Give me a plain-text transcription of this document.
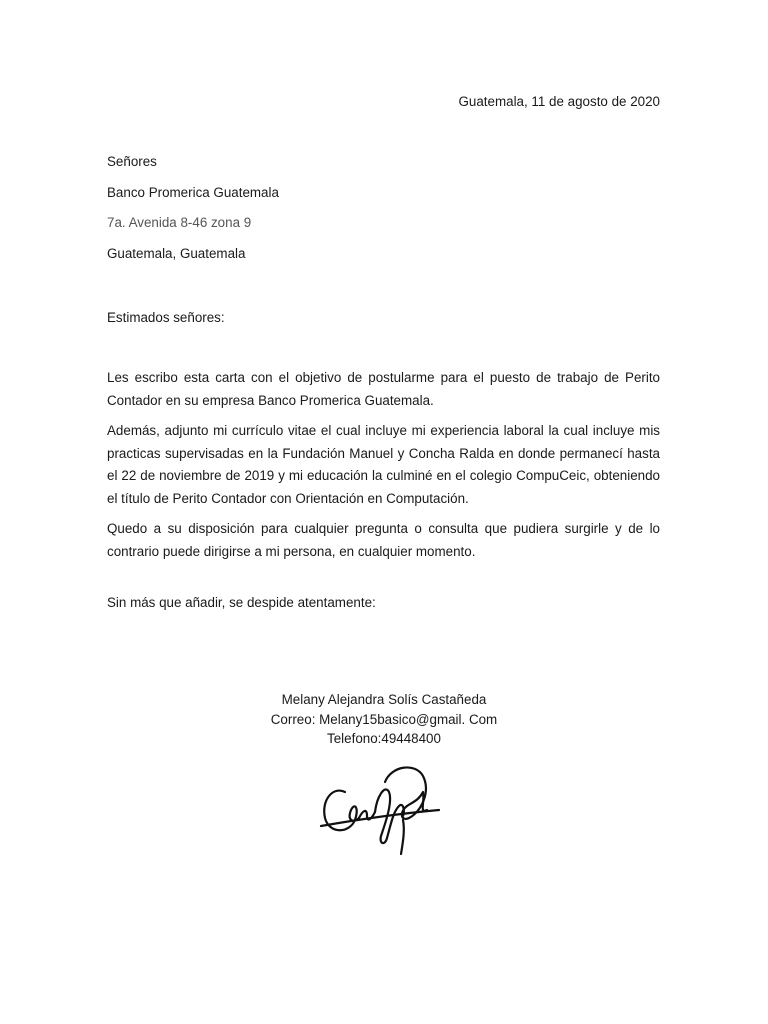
Guatemala, 11 de agosto de 2020
Señores
Banco Promerica Guatemala
7a. Avenida 8-46 zona 9
Guatemala, Guatemala
Estimados señores:

Les escribo esta carta con el objetivo de postularme para el puesto de trabajo de Perito Contador en su empresa Banco Promerica Guatemala.

Además, adjunto mi currículo vitae el cual incluye mi experiencia laboral la cual incluye mis practicas supervisadas en la Fundación Manuel y Concha Ralda en donde permanecí hasta el 22 de noviembre de 2019 y mi educación la culminé en el colegio CompuCeic, obteniendo el título de Perito Contador con Orientación en Computación.

Quedo a su disposición para cualquier pregunta o consulta que pudiera surgirle y de lo contrario puede dirigirse a mi persona, en cualquier momento.

Sin más que añadir, se despide atentamente:
Melany Alejandra Solís Castañeda
Correo: Melany15basico@gmail. Com
Telefono:49448400
